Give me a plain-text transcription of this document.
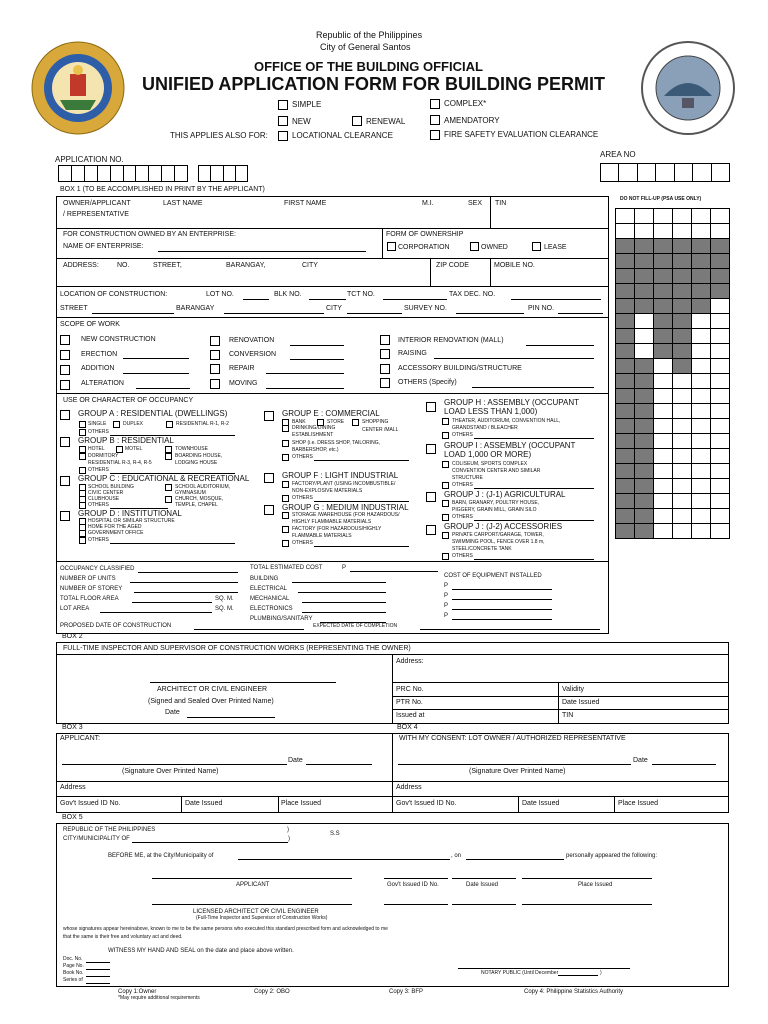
Republic of the Philippines
City of General Santos
OFFICE OF THE BUILDING OFFICIAL
UNIFIED APPLICATION FORM FOR BUILDING PERMIT
SIMPLE	COMPLEX*
NEW	RENEWAL	AMENDATORY
THIS APPLIES ALSO FOR:	LOCATIONAL CLEARANCE	FIRE SAFETY EVALUATION CLEARANCE
APPLICATION NO.
AREA NO
BOX 1 (TO BE ACCOMPLISHED IN PRINT BY THE APPLICANT)
OWNER/APPLICANT
/ REPRESENTATIVE
LAST NAME	FIRST NAME	M.I.	SEX TIN
FOR CONSTRUCTION OWNED BY AN ENTERPRISE:
NAME OF ENTERPRISE:
FORM OF OWNERSHIP
CORPORATION	OWNED	LEASE
ADDRESS:	NO.	STREET,	BARANGAY,	CITY	ZIP CODE	MOBILE NO.
LOCATION OF CONSTRUCTION:	LOT NO.	BLK NO.	TCT NO.	TAX DEC. NO.
STREET	BARANGAY	CITY	SURVEY NO.	PIN NO.
DO NOT FILL-UP (PSA USE ONLY)
SCOPE OF WORK
NEW CONSTRUCTION
ERECTION
ADDITION
ALTERATION
RENOVATION
CONVERSION
REPAIR
MOVING
INTERIOR RENOVATION (MALL)
RAISING
ACCESSORY BUILDING/STRUCTURE
OTHERS (Specify)
USE OR CHARACTER OF OCCUPANCY
GROUP A : RESIDENTIAL (DWELLINGS)
SINGLE	DUPLEX	RESIDENTIAL R-1, R-2
OTHERS
GROUP B : RESIDENTIAL
HOTEL	MOTEL	TOWNHOUSE
DORMITORY	BOARDING HOUSE,
RESIDENTIAL R-3, R-4, R-5	LODGING HOUSE
OTHERS
GROUP C : EDUCATIONAL & RECREATIONAL
SCHOOL BUILDING	SCHOOL AUDITORIUM,
CIVIC CENTER	GYMNASIUM
CLUBHOUSE	CHURCH, MOSQUE,
TEMPLE, CHAPEL
OTHERS
GROUP D : INSTITUTIONAL
HOSPITAL OR SIMILAR STRUCTURE
HOME FOR THE AGED
GOVERNMENT OFFICE
OTHERS
GROUP E : COMMERCIAL
BANK	STORE	SHOPPING
DRINKING/DINING	CENTER /MALL
ESTABLISHMENT
SHOP (i.e. DRESS SHOP, TAILORING,
BARBERSHOP, etc.)
OTHERS
GROUP F : LIGHT INDUSTRIAL
FACTORY/PLANT (USING INCOMBUSTIBLE/
NON-EXPLOSIVE MATERIALS
OTHERS
GROUP G : MEDIUM INDUSTRIAL
STORAGE /WAREHOUSE (FOR HAZARDOUS/
HIGHLY FLAMMABLE MATERIALS
FACTORY (FOR HAZARDOUS/HIGHLY
FLAMMABLE MATERIALS
OTHERS
GROUP H : ASSEMBLY (OCCUPANT
LOAD LESS THAN 1,000)
THEATER, AUDITORIUM, CONVENTION HALL,
GRANDSTAND / BLEACHER
OTHERS
GROUP I : ASSEMBLY (OCCUPANT
LOAD 1,000 OR MORE)
COLISEUM, SPORTS COMPLEX
CONVENTION CENTER AND SIMILAR
STRUCTURE
OTHERS
GROUP J : (J-1) AGRICULTURAL
BARN, GRANARY, POULTRY HOUSE,
PIGGERY, GRAIN MILL, GRAIN SILO
OTHERS
GROUP J : (J-2) ACCESSORIES
PRIVATE CARPORT/GARAGE, TOWER,
SWIMMING POOL, FENCE OVER 1.8 m,
STEEL/CONCRETE TANK
OTHERS
OCCUPANCY CLASSIFIED
NUMBER OF UNITS
NUMBER OF STOREY
TOTAL FLOOR AREA	SQ. M.
LOT AREA	SQ. M.
TOTAL ESTIMATED COST	P
BUILDING
ELECTRICAL
MECHANICAL
ELECTRONICS
PLUMBING/SANITARY
COST OF EQUIPMENT INSTALLED
P
P
P
P
PROPOSED DATE OF CONSTRUCTION	EXPECTED DATE OF COMPLETION
BOX 2
FULL-TIME INSPECTOR AND SUPERVISOR OF CONSTRUCTION WORKS (REPRESENTING THE OWNER)
ARCHITECT OR CIVIL ENGINEER
(Signed and Sealed Over Printed Name)
Date
Address:
PRC No.	Validity
PTR No.	Date Issued
Issued at	TIN
BOX 3	BOX 4
APPLICANT:
Date
(Signature Over Printed Name)
Address
Gov't Issued ID No.	Date Issued	Place Issued
WITH MY CONSENT: LOT OWNER / AUTHORIZED REPRESENTATIVE
Date
(Signature Over Printed Name)
Address
Gov't Issued ID No.	Date Issued	Place Issued
BOX 5
REPUBLIC OF THE PHILIPPINES	)
CITY/MUNICIPALITY OF	)
S.S
BEFORE ME, at the City/Municipality of	, on	personally appeared the following:
APPLICANT	Gov't Issued ID No.	Date Issued	Place Issued
LICENSED ARCHITECT OR CIVIL ENGINEER
(Full-Time Inspector and Supervisor of Construction Works)
whose signatures appear hereinabove, known to me to be the same persons who executed this standard prescribed form and acknowledged to me
that the same is their free and voluntary act and deed.
WITNESS MY HAND AND SEAL on the date and place above written.
Doc. No.
Page No.
Book No.
Series of
NOTARY PUBLIC (Until December	)
Copy 1:Owner
*May require additional requirements
Copy 2: OBO	Copy 3: BFP	Copy 4: Philippine Statistics Authority
